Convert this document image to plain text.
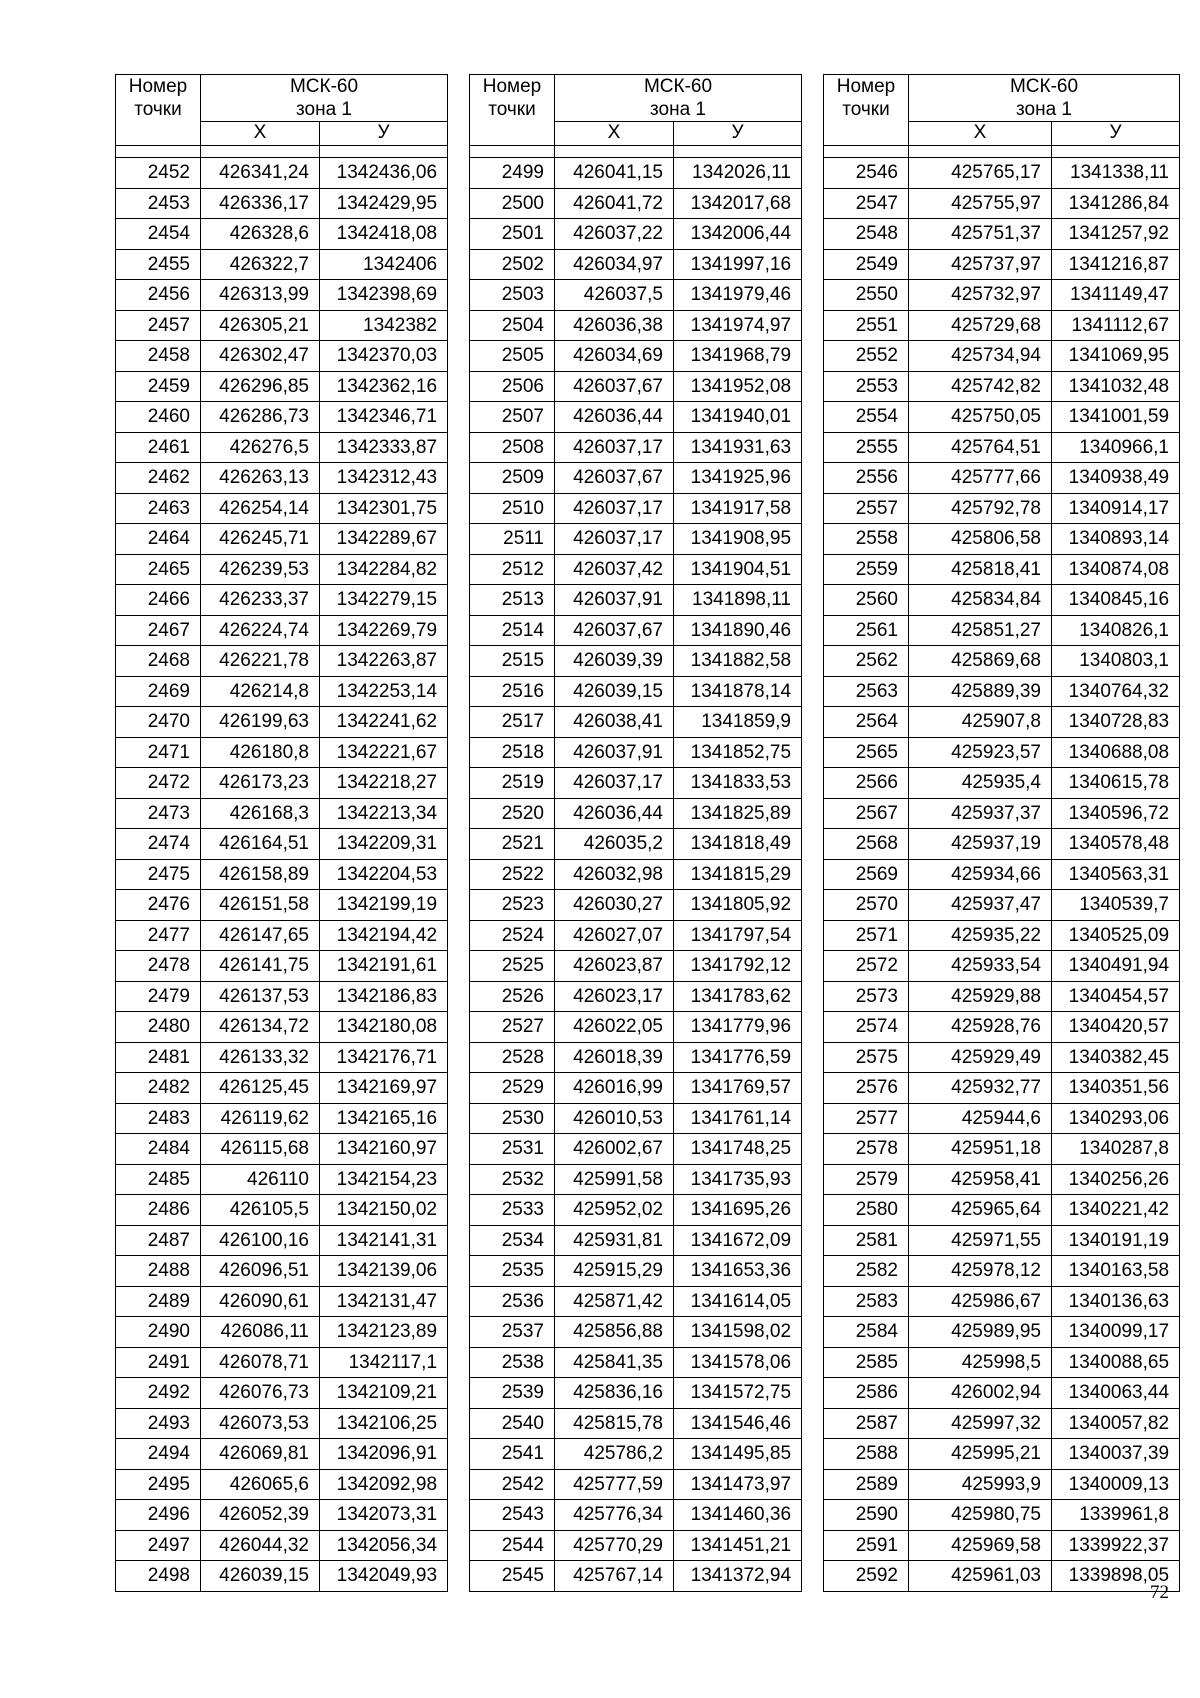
Номер
точки	МСК-60
зона 1	
	Х	У

2452	426341,24	1342436,06
2453	426336,17	1342429,95
2454	426328,6	1342418,08
2455	426322,7	1342406
2456	426313,99	1342398,69
2457	426305,21	1342382
2458	426302,47	1342370,03
2459	426296,85	1342362,16
2460	426286,73	1342346,71
2461	426276,5	1342333,87
2462	426263,13	1342312,43
2463	426254,14	1342301,75
2464	426245,71	1342289,67
2465	426239,53	1342284,82
2466	426233,37	1342279,15
2467	426224,74	1342269,79
2468	426221,78	1342263,87
2469	426214,8	1342253,14
2470	426199,63	1342241,62
2471	426180,8	1342221,67
2472	426173,23	1342218,27
2473	426168,3	1342213,34
2474	426164,51	1342209,31
2475	426158,89	1342204,53
2476	426151,58	1342199,19
2477	426147,65	1342194,42
2478	426141,75	1342191,61
2479	426137,53	1342186,83
2480	426134,72	1342180,08
2481	426133,32	1342176,71
2482	426125,45	1342169,97
2483	426119,62	1342165,16
2484	426115,68	1342160,97
2485	426110	1342154,23
2486	426105,5	1342150,02
2487	426100,16	1342141,31
2488	426096,51	1342139,06
2489	426090,61	1342131,47
2490	426086,11	1342123,89
2491	426078,71	1342117,1
2492	426076,73	1342109,21
2493	426073,53	1342106,25
2494	426069,81	1342096,91
2495	426065,6	1342092,98
2496	426052,39	1342073,31
2497	426044,32	1342056,34
2498	426039,15	1342049,93
Номер
точки	МСК-60
зона 1	
	Х	У

2499	426041,15	1342026,11
2500	426041,72	1342017,68
2501	426037,22	1342006,44
2502	426034,97	1341997,16
2503	426037,5	1341979,46
2504	426036,38	1341974,97
2505	426034,69	1341968,79
2506	426037,67	1341952,08
2507	426036,44	1341940,01
2508	426037,17	1341931,63
2509	426037,67	1341925,96
2510	426037,17	1341917,58
2511	426037,17	1341908,95
2512	426037,42	1341904,51
2513	426037,91	1341898,11
2514	426037,67	1341890,46
2515	426039,39	1341882,58
2516	426039,15	1341878,14
2517	426038,41	1341859,9
2518	426037,91	1341852,75
2519	426037,17	1341833,53
2520	426036,44	1341825,89
2521	426035,2	1341818,49
2522	426032,98	1341815,29
2523	426030,27	1341805,92
2524	426027,07	1341797,54
2525	426023,87	1341792,12
2526	426023,17	1341783,62
2527	426022,05	1341779,96
2528	426018,39	1341776,59
2529	426016,99	1341769,57
2530	426010,53	1341761,14
2531	426002,67	1341748,25
2532	425991,58	1341735,93
2533	425952,02	1341695,26
2534	425931,81	1341672,09
2535	425915,29	1341653,36
2536	425871,42	1341614,05
2537	425856,88	1341598,02
2538	425841,35	1341578,06
2539	425836,16	1341572,75
2540	425815,78	1341546,46
2541	425786,2	1341495,85
2542	425777,59	1341473,97
2543	425776,34	1341460,36
2544	425770,29	1341451,21
2545	425767,14	1341372,94
Номер
точки	МСК-60
зона 1	
	Х	У

2546	425765,17	1341338,11
2547	425755,97	1341286,84
2548	425751,37	1341257,92
2549	425737,97	1341216,87
2550	425732,97	1341149,47
2551	425729,68	1341112,67
2552	425734,94	1341069,95
2553	425742,82	1341032,48
2554	425750,05	1341001,59
2555	425764,51	1340966,1
2556	425777,66	1340938,49
2557	425792,78	1340914,17
2558	425806,58	1340893,14
2559	425818,41	1340874,08
2560	425834,84	1340845,16
2561	425851,27	1340826,1
2562	425869,68	1340803,1
2563	425889,39	1340764,32
2564	425907,8	1340728,83
2565	425923,57	1340688,08
2566	425935,4	1340615,78
2567	425937,37	1340596,72
2568	425937,19	1340578,48
2569	425934,66	1340563,31
2570	425937,47	1340539,7
2571	425935,22	1340525,09
2572	425933,54	1340491,94
2573	425929,88	1340454,57
2574	425928,76	1340420,57
2575	425929,49	1340382,45
2576	425932,77	1340351,56
2577	425944,6	1340293,06
2578	425951,18	1340287,8
2579	425958,41	1340256,26
2580	425965,64	1340221,42
2581	425971,55	1340191,19
2582	425978,12	1340163,58
2583	425986,67	1340136,63
2584	425989,95	1340099,17
2585	425998,5	1340088,65
2586	426002,94	1340063,44
2587	425997,32	1340057,82
2588	425995,21	1340037,39
2589	425993,9	1340009,13
2590	425980,75	1339961,8
2591	425969,58	1339922,37
2592	425961,03	1339898,05
72
